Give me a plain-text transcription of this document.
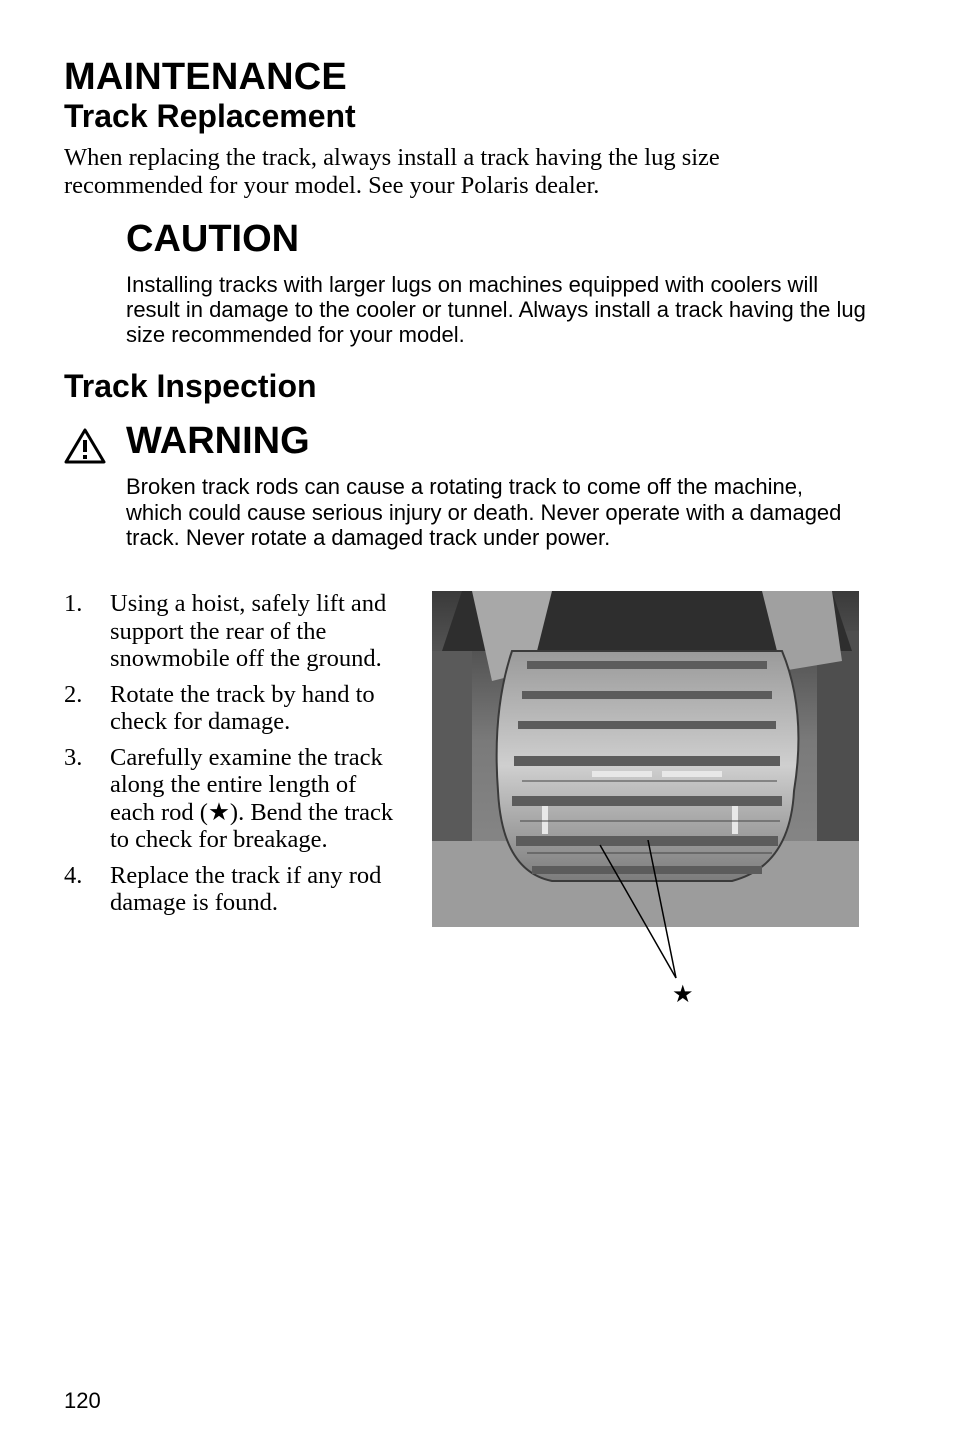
MAINTENANCE
Track Replacement
When replacing the track, always install a track having the lug size recommended for your model. See your Polaris dealer.
CAUTION
Installing tracks with larger lugs on machines equipped with coolers will result in damage to the cooler or tunnel. Always install a track having the lug size recommended for your model.
Track Inspection
WARNING
Broken track rods can cause a rotating track to come off the machine, which could cause serious injury or death. Never operate with a damaged track. Never rotate a damaged track under power.
1. Using a hoist, safely lift and support the rear of the snowmobile off the ground.
2. Rotate the track by hand to check for damage.
3. Carefully examine the track along the entire length of each rod (★). Bend the track to check for breakage.
4. Replace the track if any rod damage is found.
★
120
